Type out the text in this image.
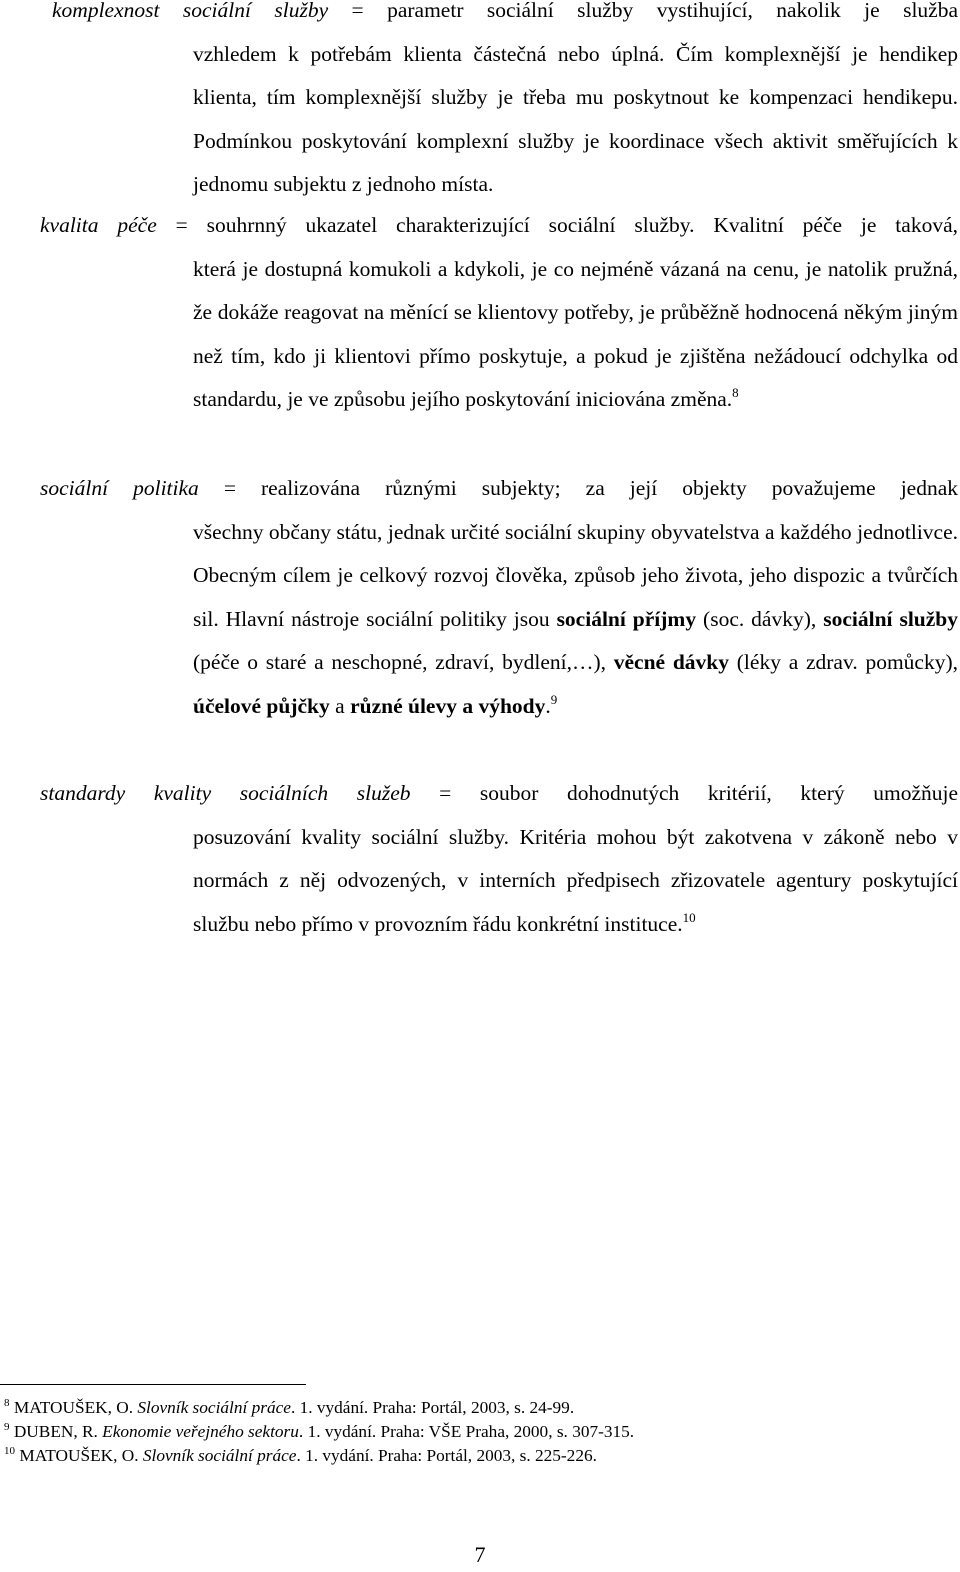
komplexnost sociální služby = parametr sociální služby vystihující, nakolik je služba
vzhledem k potřebám klienta částečná nebo úplná. Čím komplexnější je hendikep klienta, tím komplexnější služby je třeba mu poskytnout ke kompenzaci hendikepu. Podmínkou poskytování komplexní služby je koordinace všech aktivit směřujících k jednomu subjektu z jednoho místa.
kvalita péče = souhrnný ukazatel charakterizující sociální služby. Kvalitní péče je taková,
která je dostupná komukoli a kdykoli, je co nejméně vázaná na cenu, je natolik pružná, že dokáže reagovat na měnící se klientovy potřeby, je průběžně hodnocená někým jiným než tím, kdo ji klientovi přímo poskytuje, a pokud je zjištěna nežádoucí odchylka od standardu, je ve způsobu jejího poskytování iniciována změna.$^8$
sociální politika = realizována různými subjekty; za její objekty považujeme jednak
všechny občany státu, jednak určité sociální skupiny obyvatelstva a každého jednotlivce. Obecným cílem je celkový rozvoj člověka, způsob jeho života, jeho dispozic a tvůrčích sil. Hlavní nástroje sociální politiky jsou sociální příjmy (soc. dávky), sociální služby (péče o staré a neschopné, zdraví, bydlení,…), věcné dávky (léky a zdrav. pomůcky), účelové půjčky a různé úlevy a výhody.$^9$
standardy kvality sociálních služeb = soubor dohodnutých kritérií, který umožňuje
posuzování kvality sociální služby. Kritéria mohou být zakotvena v zákoně nebo v normách z něj odvozených, v interních předpisech zřizovatele agentury poskytující službu nebo přímo v provozním řádu konkrétní instituce.$^{10}$
$^8$ MATOUŠEK, O. Slovník sociální práce. 1. vydání. Praha: Portál, 2003, s. 24-99.
$^9$ DUBEN, R. Ekonomie veřejného sektoru. 1. vydání. Praha: VŠE Praha, 2000, s. 307-315.
$^{10}$ MATOUŠEK, O. Slovník sociální práce. 1. vydání. Praha: Portál, 2003, s. 225-226.
7
